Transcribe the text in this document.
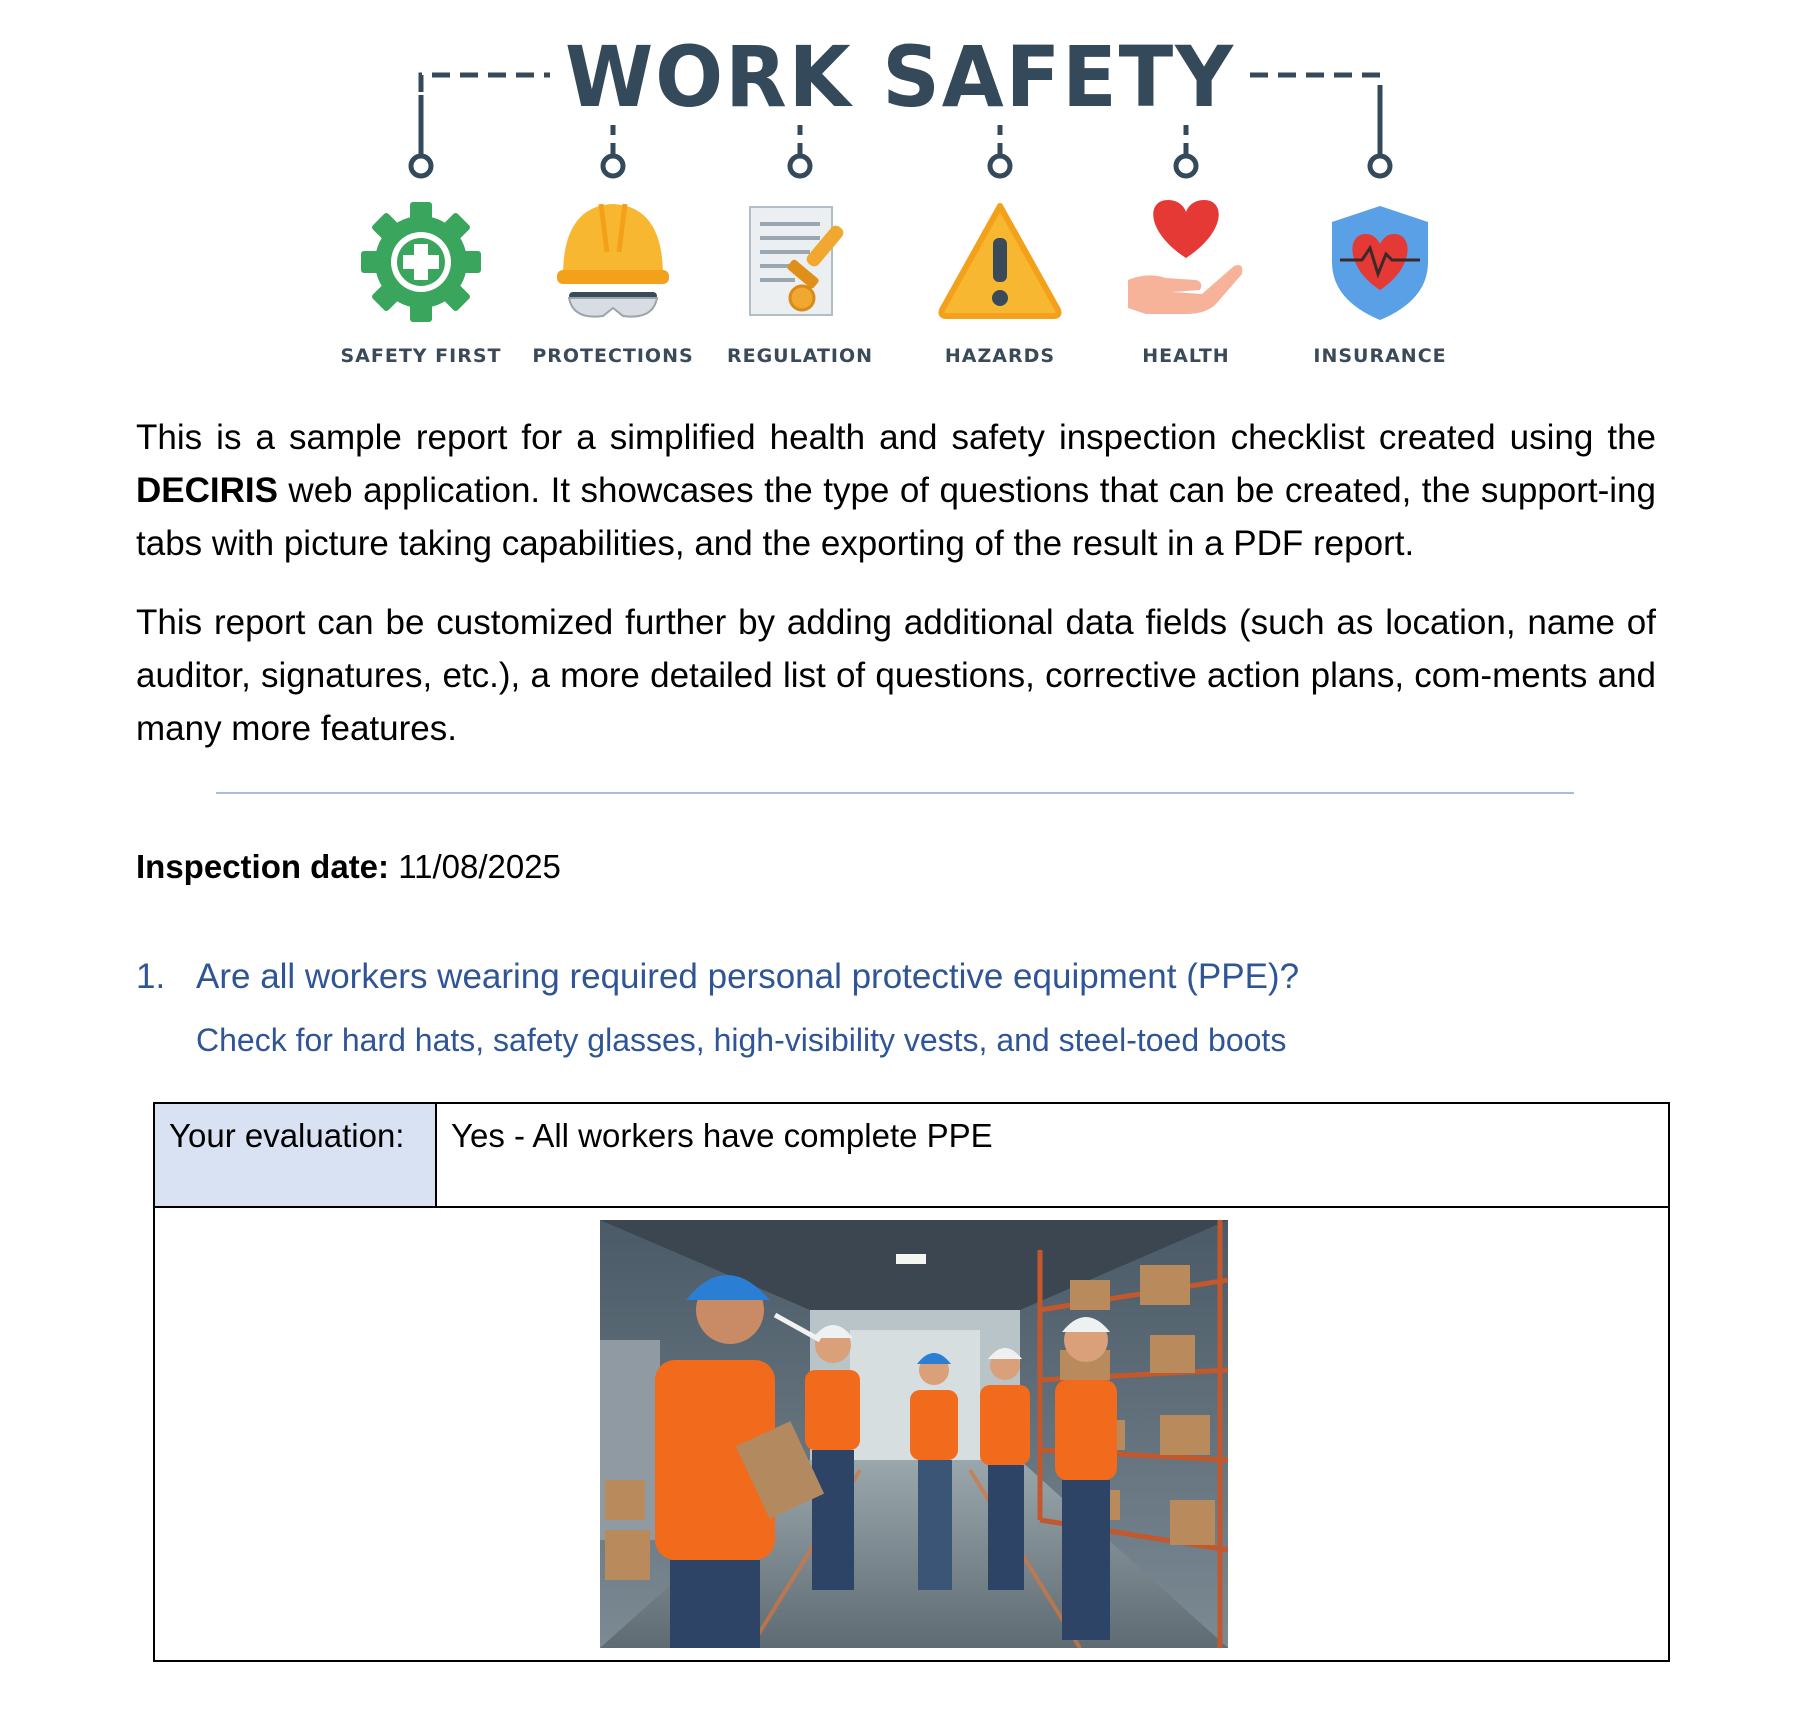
WORK SAFETY
SAFETY FIRST PROTECTIONS REGULATION	HAZARDS	HEALTH	INSURANCE

This is a sample report for a simplified health and safety inspection checklist created using the DECIRIS web application. It showcases the type of questions that can be created, the support-ing tabs with picture taking capabilities, and the exporting of the result in a PDF report.

This report can be customized further by adding additional data fields (such as location, name of auditor, signatures, etc.), a more detailed list of questions, corrective action plans, com-ments and many more features.

Inspection date: 11/08/2025
1. Are all workers wearing required personal protective equipment (PPE)?
Check for hard hats, safety glasses, high-visibility vests, and steel-toed boots
Your evaluation: Yes - All workers have complete PPE
